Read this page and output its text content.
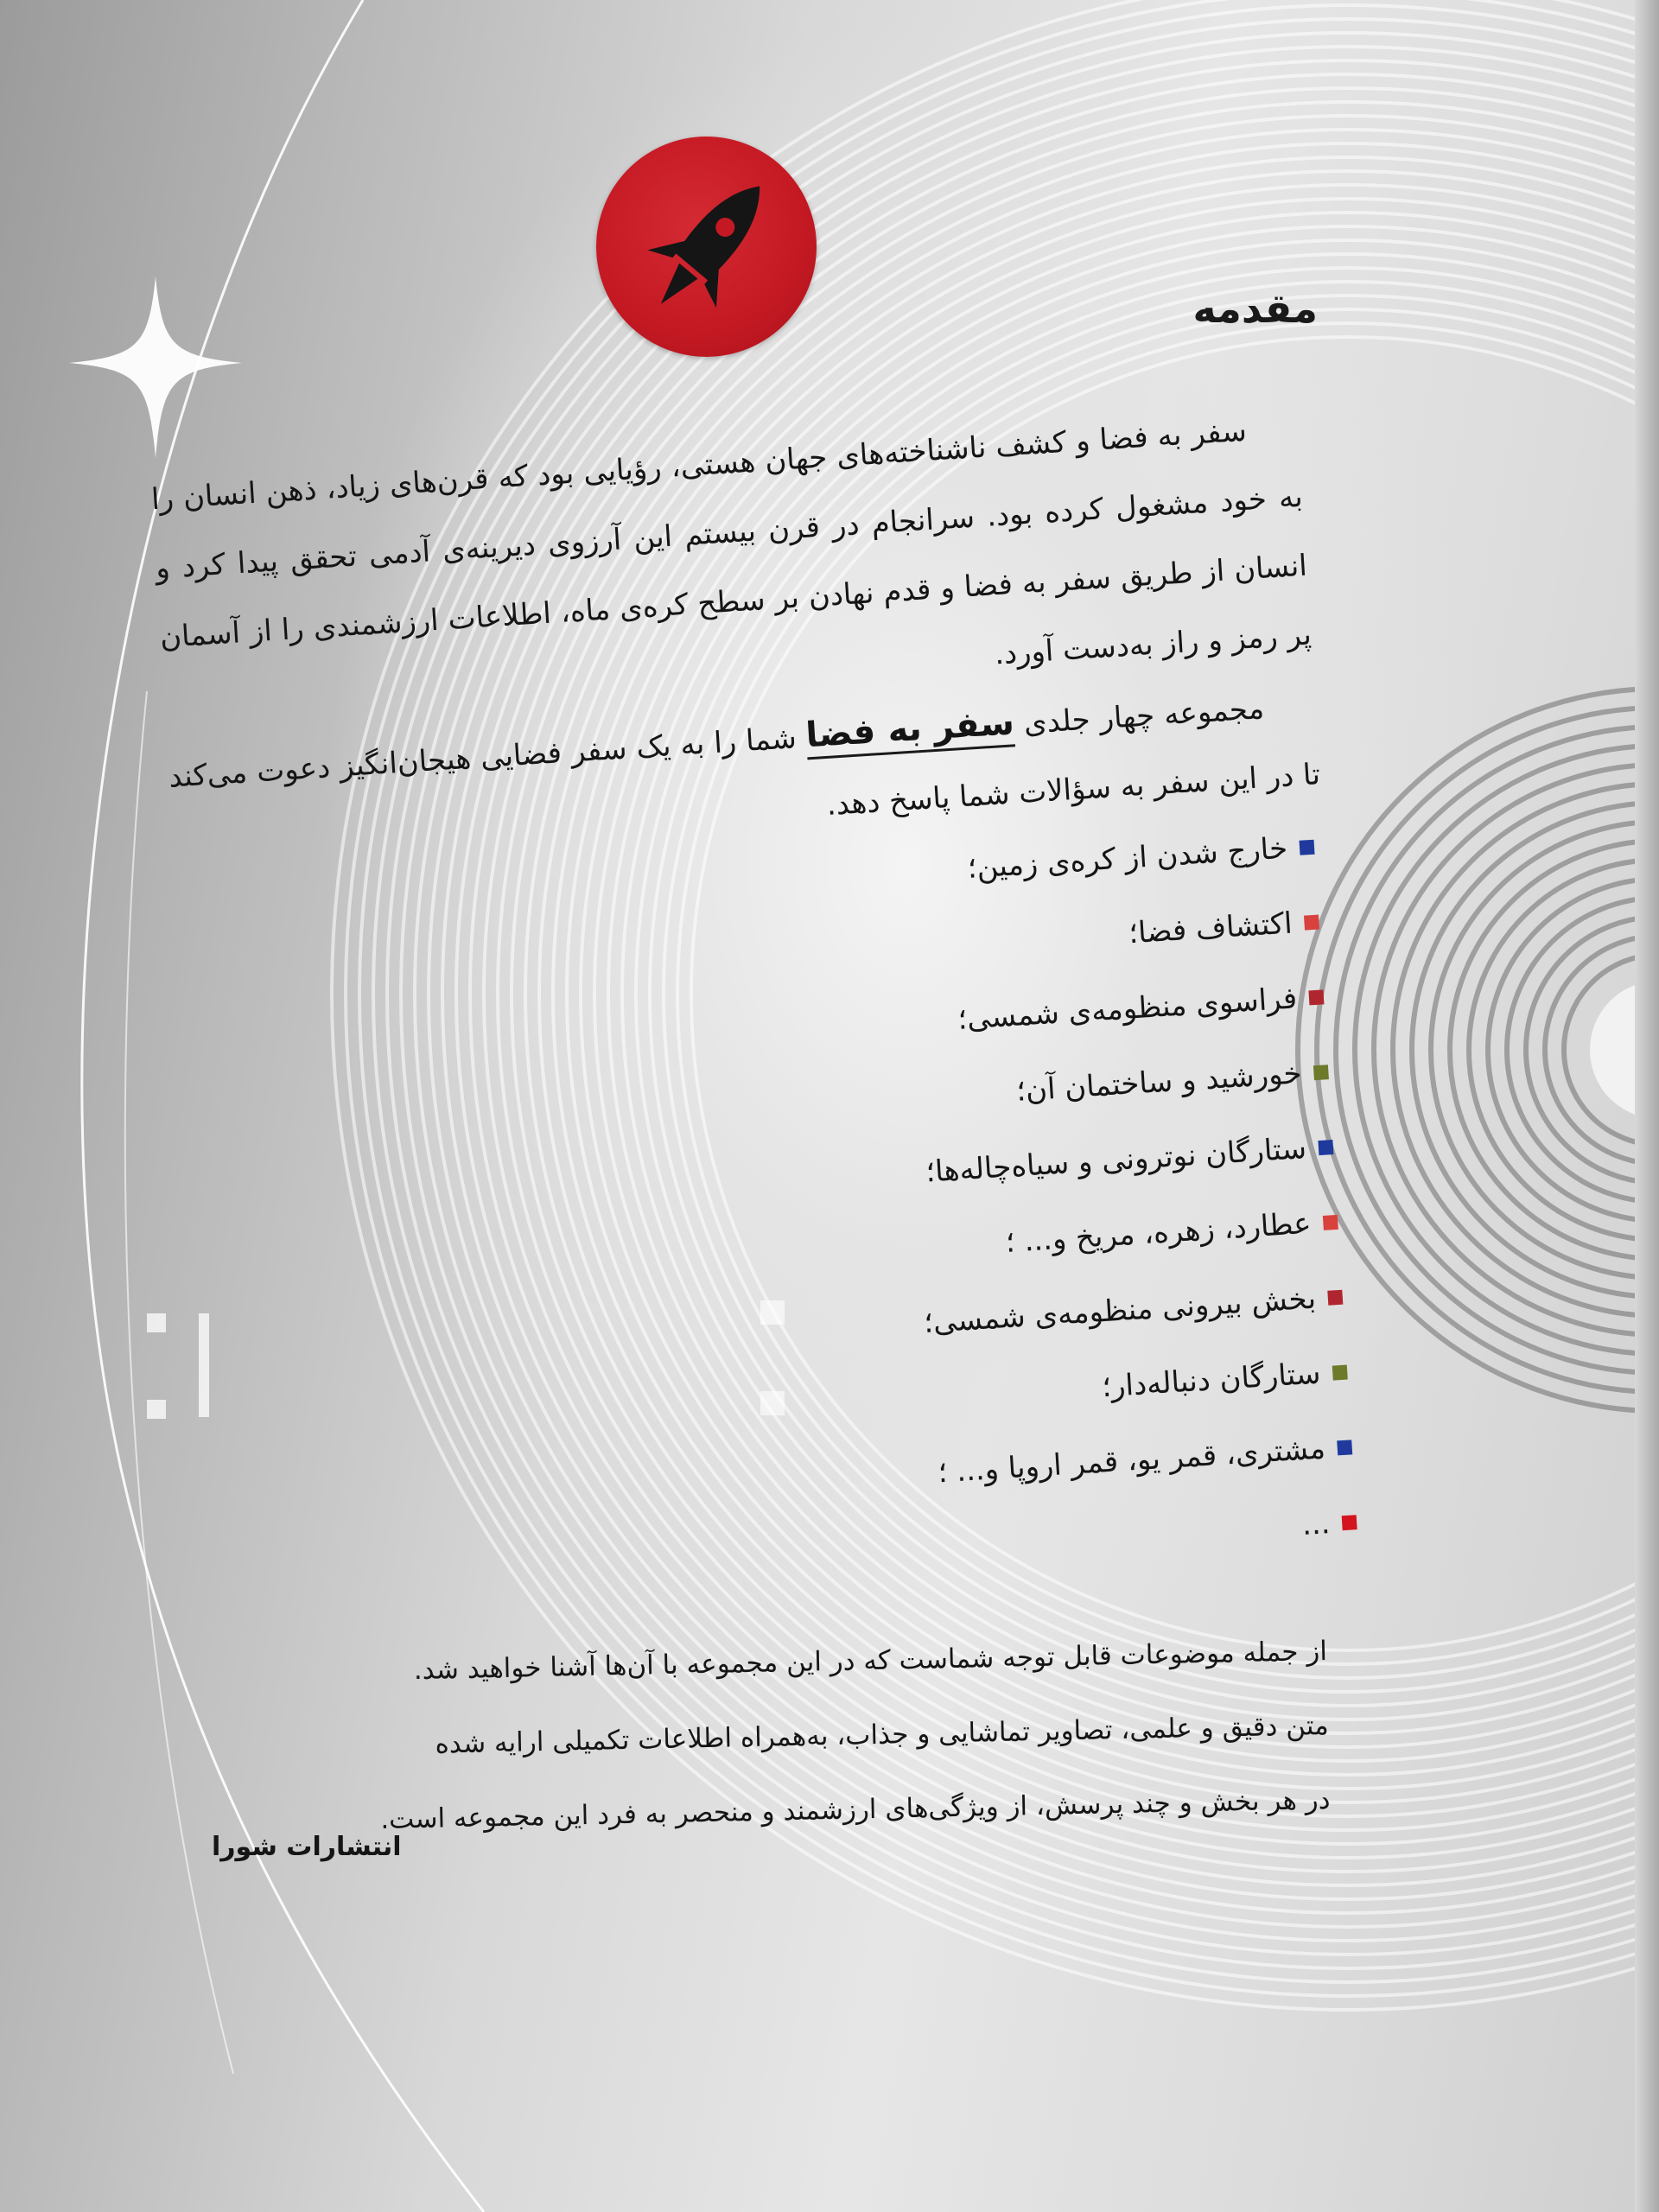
مقدمه

سفر به فضا و کشف ناشناخته‌های جهان هستی، رؤیایی بود که قرن‌های زیاد، ذهن انسان را به خود مشغول کرده بود. سرانجام در قرن بیستم این آرزوی دیرینه‌ی آدمی تحقق پیدا کرد و انسان از طریق سفر به فضا و قدم نهادن بر سطح کره‌ی ماه، اطلاعات ارزشمندی را از آسمان پر رمز و راز به‌دست آورد.

مجموعه چهار جلدی سفر به فضا شما را به یک سفر فضایی هیجان‌انگیز دعوت می‌کند تا در این سفر به سؤالات شما پاسخ دهد.

خارج شدن از کره‌ی زمین؛
اکتشاف فضا؛
فراسوی منظومه‌ی شمسی؛
خورشید و ساختمان آن؛
ستارگان نوترونی و سیاه‌چاله‌ها؛
عطارد، زهره، مریخ و... ؛
بخش بیرونی منظومه‌ی شمسی؛
ستارگان دنباله‌دار؛
مشتری، قمر یو، قمر اروپا و... ؛
...

از جمله موضوعات قابل توجه شماست که در این مجموعه با آن‌ها آشنا خواهید شد.

متن دقیق و علمی، تصاویر تماشایی و جذاب، به‌همراه اطلاعات تکمیلی ارایه شده

در هر بخش و چند پرسش، از ویژگی‌های ارزشمند و منحصر به فرد این مجموعه است.

انتشارات شورا
